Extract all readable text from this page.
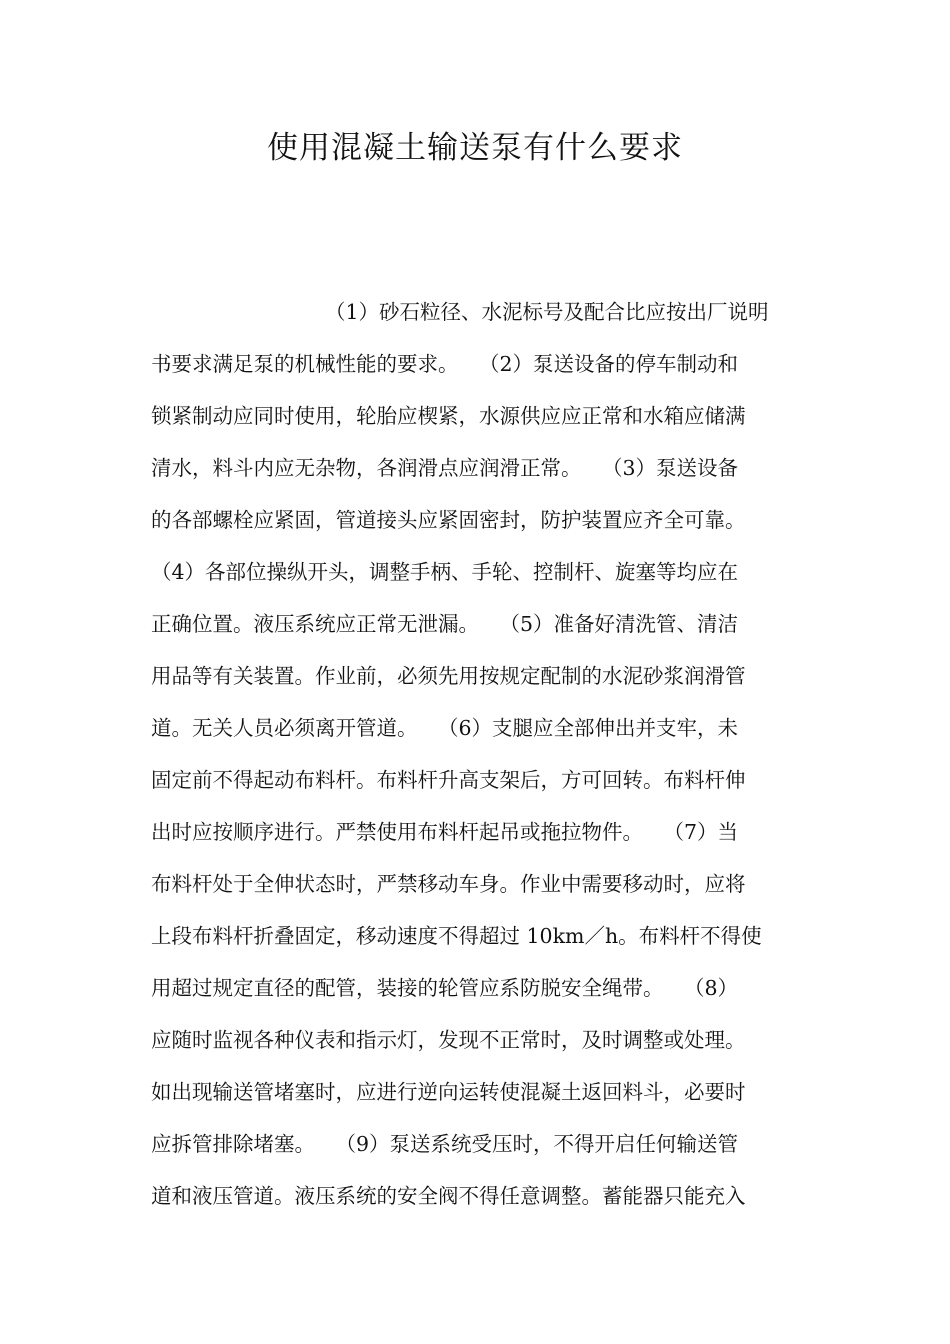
使用混凝土输送泵有什么要求
（1）砂石粒径、水泥标号及配合比应按出厂说明
书要求满足泵的机械性能的要求。　　（2）泵送设备的停车制动和
锁紧制动应同时使用，轮胎应楔紧，水源供应应正常和水箱应储满
清水，料斗内应无杂物，各润滑点应润滑正常。　　（3）泵送设备
的各部螺栓应紧固，管道接头应紧固密封，防护装置应齐全可靠。
（4）各部位操纵开头，调整手柄、手轮、控制杆、旋塞等均应在
正确位置。液压系统应正常无泄漏。　　（5）准备好清洗管、清洁
用品等有关装置。作业前，必须先用按规定配制的水泥砂浆润滑管
道。无关人员必须离开管道。　　（6）支腿应全部伸出并支牢，未
固定前不得起动布料杆。布料杆升高支架后，方可回转。布料杆伸
出时应按顺序进行。严禁使用布料杆起吊或拖拉物件。　　（7）当
布料杆处于全伸状态时，严禁移动车身。作业中需要移动时，应将
上段布料杆折叠固定，移动速度不得超过 10km／h。布料杆不得使
用超过规定直径的配管，装接的轮管应系防脱安全绳带。　　（8）
应随时监视各种仪表和指示灯，发现不正常时，及时调整或处理。
如出现输送管堵塞时，应进行逆向运转使混凝土返回料斗，必要时
应拆管排除堵塞。　　（9）泵送系统受压时，不得开启任何输送管
道和液压管道。液压系统的安全阀不得任意调整。蓄能器只能充入
